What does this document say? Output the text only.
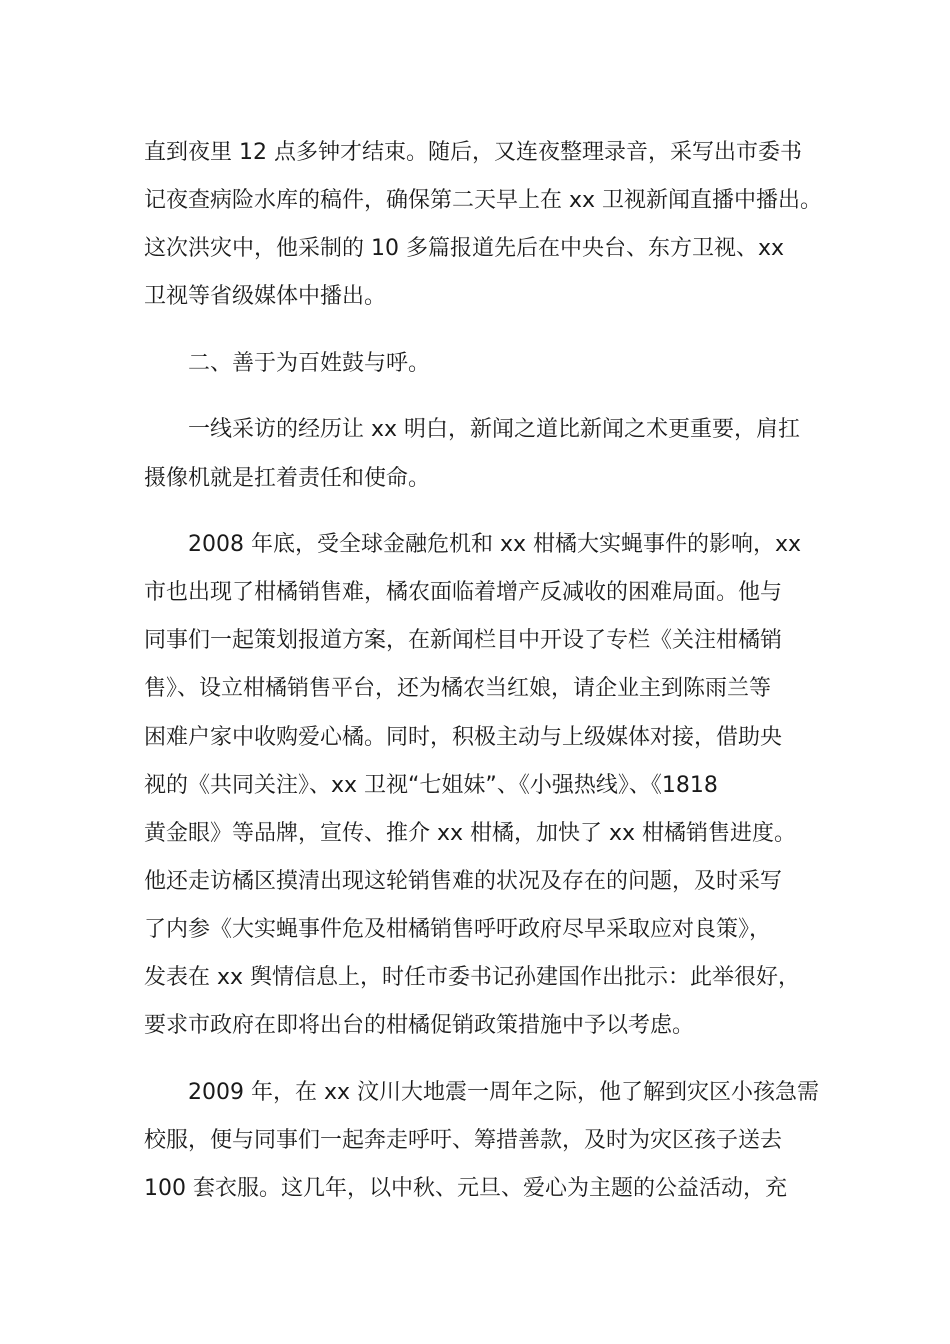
直到夜里 12 点多钟才结束。随后，又连夜整理录音，采写出市委书
记夜查病险水库的稿件，确保第二天早上在 xx 卫视新闻直播中播出。
这次洪灾中，他采制的 10 多篇报道先后在中央台、东方卫视、xx
卫视等省级媒体中播出。
　　二、善于为百姓鼓与呼。
　　一线采访的经历让 xx 明白，新闻之道比新闻之术更重要，肩扛
摄像机就是扛着责任和使命。
　　2008 年底，受全球金融危机和 xx 柑橘大实蝇事件的影响，xx
市也出现了柑橘销售难，橘农面临着增产反减收的困难局面。他与
同事们一起策划报道方案，在新闻栏目中开设了专栏《关注柑橘销
售》、设立柑橘销售平台，还为橘农当红娘，请企业主到陈雨兰等
困难户家中收购爱心橘。同时，积极主动与上级媒体对接，借助央
视的《共同关注》、xx 卫视“七姐妹”、《小强热线》、《1818
黄金眼》等品牌，宣传、推介 xx 柑橘，加快了 xx 柑橘销售进度。
他还走访橘区摸清出现这轮销售难的状况及存在的问题，及时采写
了内参《大实蝇事件危及柑橘销售呼吁政府尽早采取应对良策》，
发表在 xx 舆情信息上，时任市委书记孙建国作出批示：此举很好，
要求市政府在即将出台的柑橘促销政策措施中予以考虑。
　　2009 年，在 xx 汶川大地震一周年之际，他了解到灾区小孩急需
校服，便与同事们一起奔走呼吁、筹措善款，及时为灾区孩子送去
100 套衣服。这几年，以中秋、元旦、爱心为主题的公益活动，充
